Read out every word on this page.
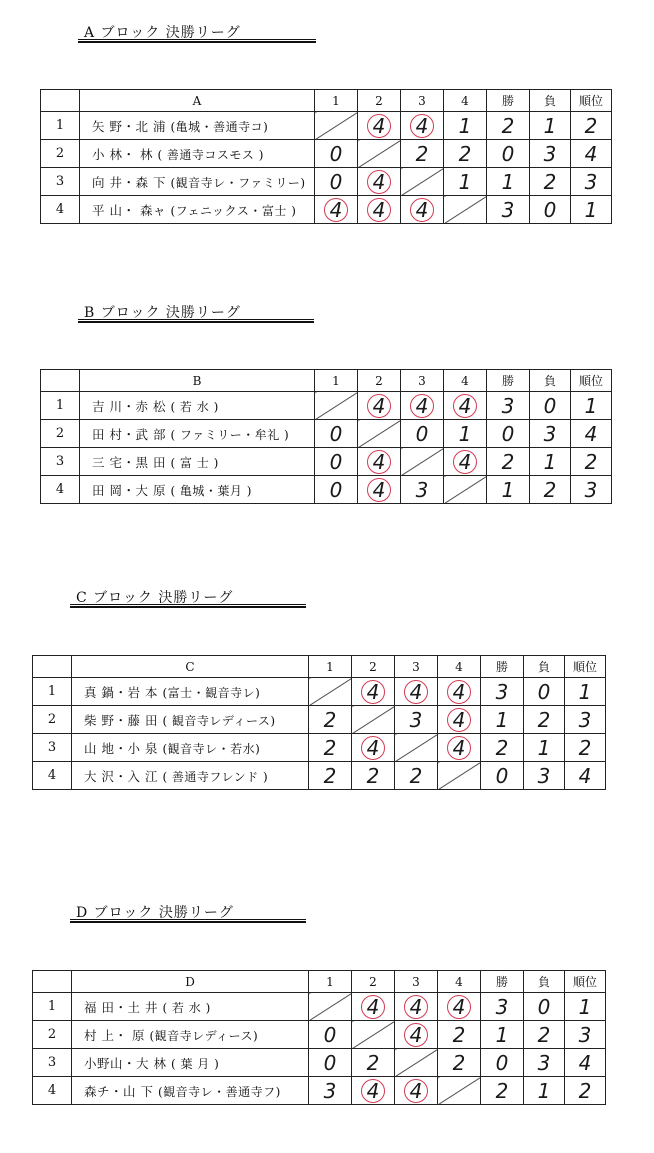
A ブロック 決勝リーグ
	A	1	2	3	4	勝	負	順位
1	矢 野・北 浦 (亀城・善通寺コ)		4	4	1	2	1	2
2	小 林・ 林 ( 善通寺コスモス )	0		2	2	0	3	4
3	向 井・森 下 (観音寺レ・ファミリー)	0	4		1	1	2	3
4	平 山・ 森ャ (フェニックス・富士 )	4	4	4		3	0	1
B ブロック 決勝リーグ
	B	1	2	3	4	勝	負	順位
1	吉 川・赤 松 ( 若 水 )		4	4	4	3	0	1
2	田 村・武 部 ( ファミリー・牟礼 )	0		0	1	0	3	4
3	三 宅・黒 田 ( 富 士 )	0	4		4	2	1	2
4	田 岡・大 原 ( 亀城・葉月 )	0	4	3		1	2	3
C ブロック 決勝リーグ
	C	1	2	3	4	勝	負	順位
1	真 鍋・岩 本 (富士・観音寺レ)		4	4	4	3	0	1
2	柴 野・藤 田 ( 観音寺レディース)	2		3	4	1	2	3
3	山 地・小 泉 (観音寺レ・若水)	2	4		4	2	1	2
4	大 沢・入 江 ( 善通寺フレンド )	2	2	2		0	3	4
D ブロック 決勝リーグ
	D	1	2	3	4	勝	負	順位
1	福 田・土 井 ( 若 水 )		4	4	4	3	0	1
2	村 上・ 原 (観音寺レディース)	0		4	2	1	2	3
3	小野山・大 林 ( 葉 月 )	0	2		2	0	3	4
4	森チ・山 下 (観音寺レ・善通寺フ)	3	4	4		2	1	2
